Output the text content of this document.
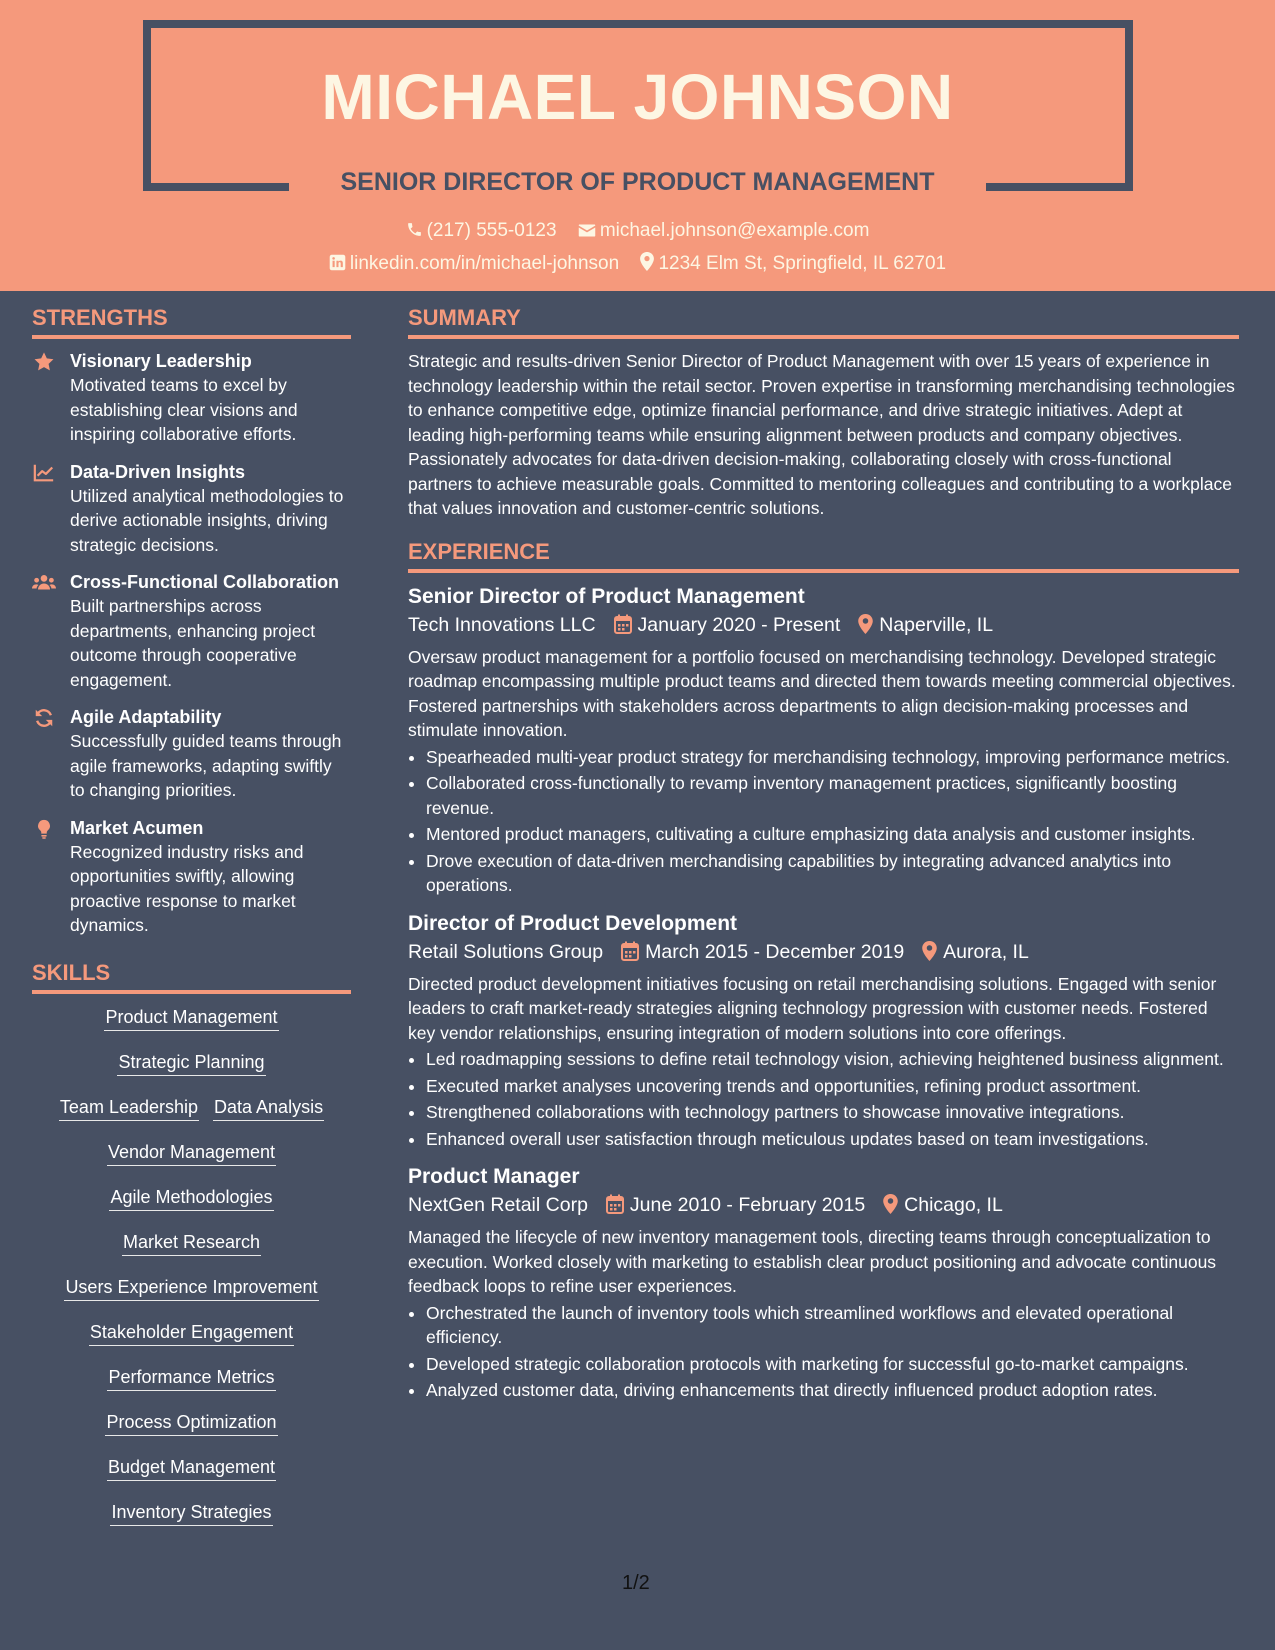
MICHAEL JOHNSON
SENIOR DIRECTOR OF PRODUCT MANAGEMENT
(217) 555-0123 michael.johnson@example.com
linkedin.com/in/michael-johnson 1234 Elm St, Springfield, IL 62701
STRENGTHS
Visionary Leadership
Motivated teams to excel by establishing clear visions and inspiring collaborative efforts.
Data-Driven Insights
Utilized analytical methodologies to derive actionable insights, driving strategic decisions.
Cross-Functional Collaboration
Built partnerships across departments, enhancing project outcome through cooperative engagement.
Agile Adaptability
Successfully guided teams through agile frameworks, adapting swiftly to changing priorities.
Market Acumen
Recognized industry risks and opportunities swiftly, allowing proactive response to market dynamics.
SKILLS
Product Management
Strategic Planning
Team Leadership Data Analysis
Vendor Management
Agile Methodologies
Market Research
Users Experience Improvement
Stakeholder Engagement
Performance Metrics
Process Optimization
Budget Management
Inventory Strategies
SUMMARY
Strategic and results-driven Senior Director of Product Management with over 15 years of experience in technology leadership within the retail sector. Proven expertise in transforming merchandising technologies to enhance competitive edge, optimize financial performance, and drive strategic initiatives. Adept at leading high-performing teams while ensuring alignment between products and company objectives. Passionately advocates for data-driven decision-making, collaborating closely with cross-functional partners to achieve measurable goals. Committed to mentoring colleagues and contributing to a workplace that values innovation and customer-centric solutions.
EXPERIENCE
Senior Director of Product Management
Tech Innovations LLC January 2020 - Present Naperville, IL
Oversaw product management for a portfolio focused on merchandising technology. Developed strategic roadmap encompassing multiple product teams and directed them towards meeting commercial objectives. Fostered partnerships with stakeholders across departments to align decision-making processes and stimulate innovation.
• Spearheaded multi-year product strategy for merchandising technology, improving performance metrics.
• Collaborated cross-functionally to revamp inventory management practices, significantly boosting revenue.
• Mentored product managers, cultivating a culture emphasizing data analysis and customer insights.
• Drove execution of data-driven merchandising capabilities by integrating advanced analytics into operations.
Director of Product Development
Retail Solutions Group March 2015 - December 2019 Aurora, IL
Directed product development initiatives focusing on retail merchandising solutions. Engaged with senior leaders to craft market-ready strategies aligning technology progression with customer needs. Fostered key vendor relationships, ensuring integration of modern solutions into core offerings.
• Led roadmapping sessions to define retail technology vision, achieving heightened business alignment.
• Executed market analyses uncovering trends and opportunities, refining product assortment.
• Strengthened collaborations with technology partners to showcase innovative integrations.
• Enhanced overall user satisfaction through meticulous updates based on team investigations.
Product Manager
NextGen Retail Corp June 2010 - February 2015 Chicago, IL
Managed the lifecycle of new inventory management tools, directing teams through conceptualization to execution. Worked closely with marketing to establish clear product positioning and advocate continuous feedback loops to refine user experiences.
• Orchestrated the launch of inventory tools which streamlined workflows and elevated operational efficiency.
• Developed strategic collaboration protocols with marketing for successful go-to-market campaigns.
• Analyzed customer data, driving enhancements that directly influenced product adoption rates.
1/2
